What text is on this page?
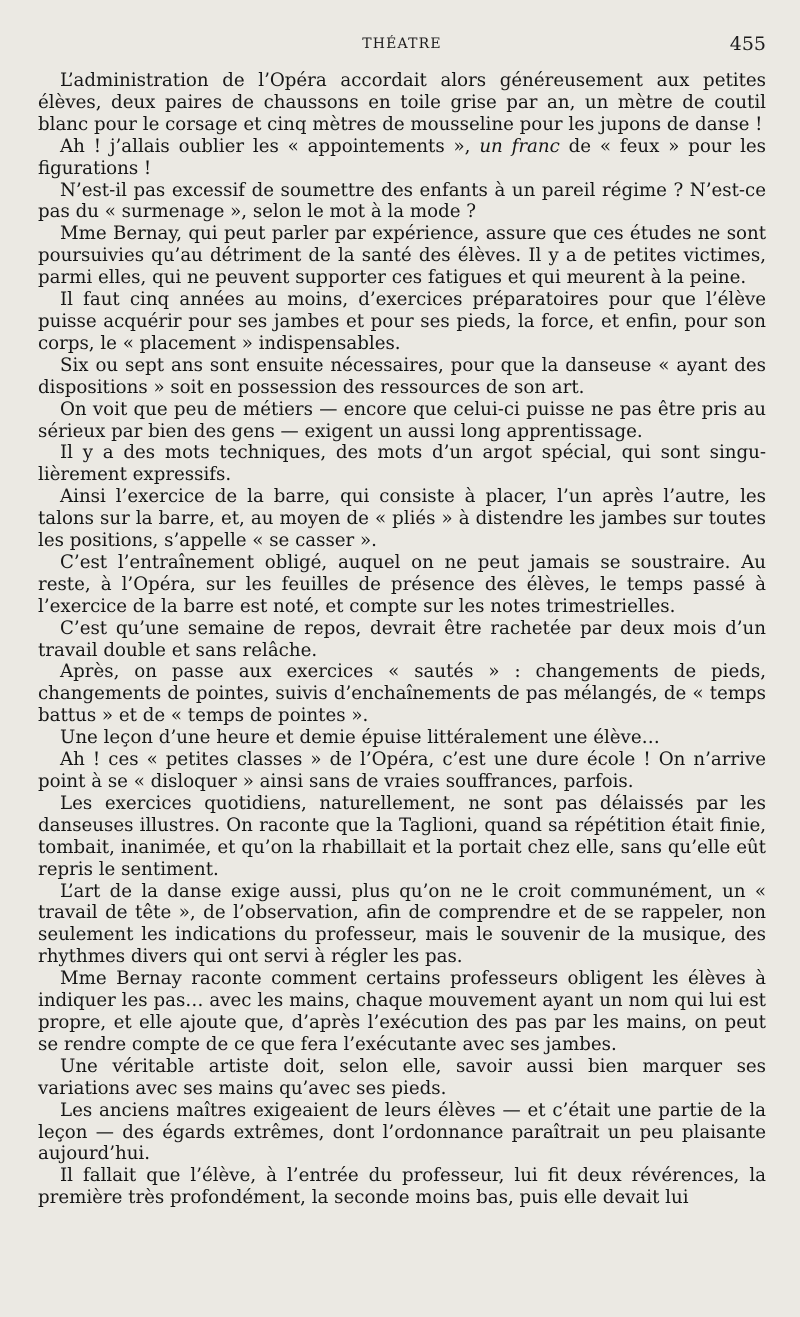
THÉATRE	455

L’administration de l’Opéra accordait alors généreusement aux petites élèves, deux paires de chaussons en toile grise par an, un mètre de coutil blanc pour le corsage et cinq mètres de mousseline pour les jupons de danse !

Ah ! j’allais oublier les « appointements », un franc de « feux » pour les figurations !

N’est-il pas excessif de soumettre des enfants à un pareil régime ? N’est-ce pas du « surmenage », selon le mot à la mode ?

Mme Bernay, qui peut parler par expérience, assure que ces études ne sont poursuivies qu’au détriment de la santé des élèves. Il y a de petites victimes, parmi elles, qui ne peuvent supporter ces fatigues et qui meurent à la peine.

Il faut cinq années au moins, d’exercices préparatoires pour que l’élève puisse acquérir pour ses jambes et pour ses pieds, la force, et enfin, pour son corps, le « placement » indispensables.

Six ou sept ans sont ensuite nécessaires, pour que la danseuse « ayant des dispositions » soit en possession des ressources de son art.

On voit que peu de métiers — encore que celui-ci puisse ne pas être pris au sérieux par bien des gens — exigent un aussi long apprentissage.

Il y a des mots techniques, des mots d’un argot spécial, qui sont singulièrement expressifs.

Ainsi l’exercice de la barre, qui consiste à placer, l’un après l’autre, les talons sur la barre, et, au moyen de « pliés » à distendre les jambes sur toutes les positions, s’appelle « se casser ».

C’est l’entraînement obligé, auquel on ne peut jamais se soustraire. Au reste, à l’Opéra, sur les feuilles de présence des élèves, le temps passé à l’exercice de la barre est noté, et compte sur les notes trimestrielles.

C’est qu’une semaine de repos, devrait être rachetée par deux mois d’un travail double et sans relâche.

Après, on passe aux exercices « sautés » : changements de pieds, changements de pointes, suivis d’enchaînements de pas mélangés, de « temps battus » et de « temps de pointes ».

Une leçon d’une heure et demie épuise littéralement une élève…

Ah ! ces « petites classes » de l’Opéra, c’est une dure école ! On n’arrive point à se « disloquer » ainsi sans de vraies souffrances, parfois.

Les exercices quotidiens, naturellement, ne sont pas délaissés par les danseuses illustres. On raconte que la Taglioni, quand sa répétition était finie, tombait, inanimée, et qu’on la rhabillait et la portait chez elle, sans qu’elle eût repris le sentiment.

L’art de la danse exige aussi, plus qu’on ne le croit communément, un « travail de tête », de l’observation, afin de comprendre et de se rappeler, non seulement les indications du professeur, mais le souvenir de la musique, des rhythmes divers qui ont servi à régler les pas.

Mme Bernay raconte comment certains professeurs obligent les élèves à indiquer les pas… avec les mains, chaque mouvement ayant un nom qui lui est propre, et elle ajoute que, d’après l’exécution des pas par les mains, on peut se rendre compte de ce que fera l’exécutante avec ses jambes.

Une véritable artiste doit, selon elle, savoir aussi bien marquer ses variations avec ses mains qu’avec ses pieds.

Les anciens maîtres exigeaient de leurs élèves — et c’était une partie de la leçon — des égards extrêmes, dont l’ordonnance paraîtrait un peu plaisante aujourd’hui.

Il fallait que l’élève, à l’entrée du professeur, lui fit deux révérences, la première très profondément, la seconde moins bas, puis elle devait lui
